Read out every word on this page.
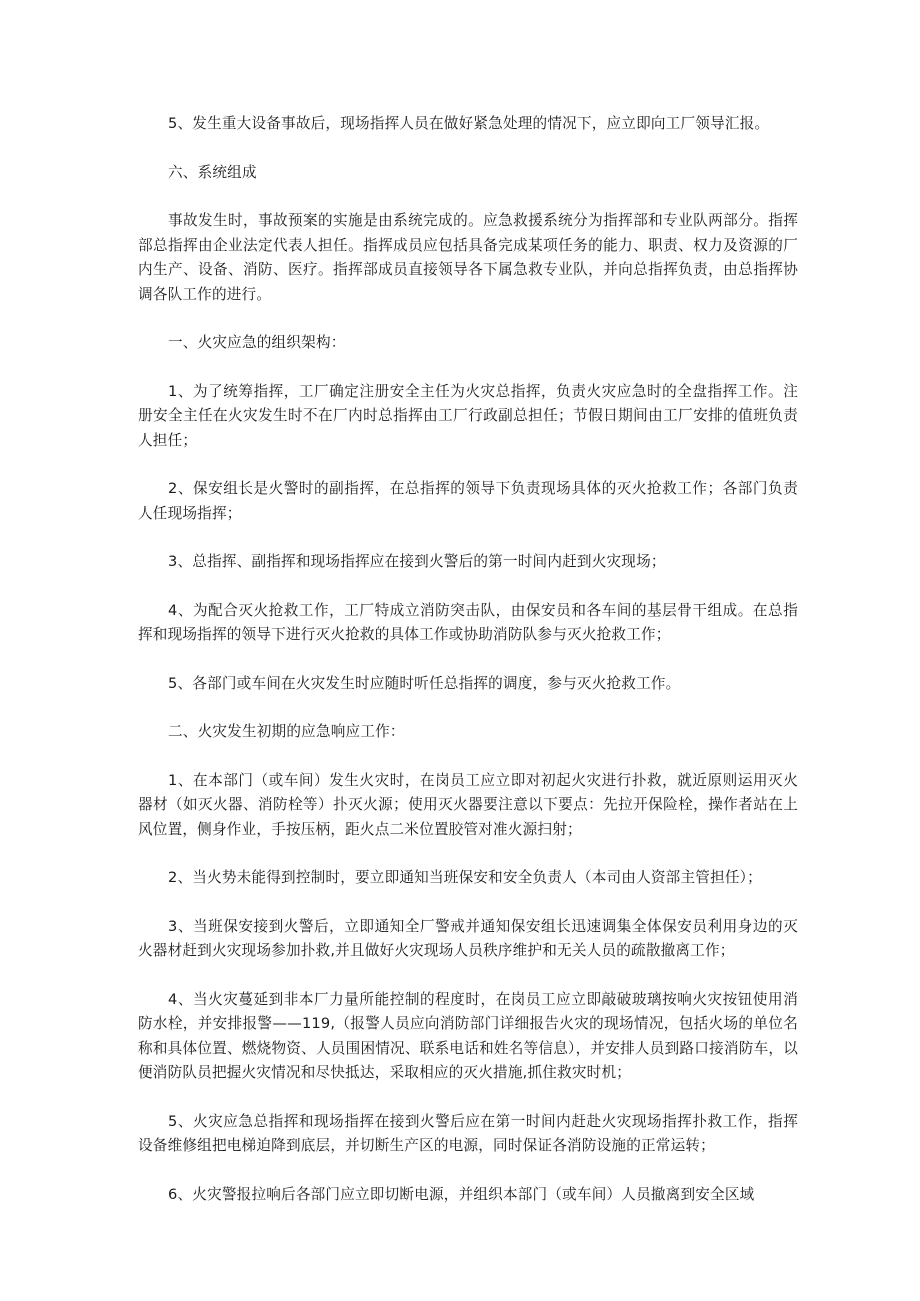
5、发生重大设备事故后，现场指挥人员在做好紧急处理的情况下，应立即向工厂领导汇报。

六、系统组成

事故发生时，事故预案的实施是由系统完成的。应急救援系统分为指挥部和专业队两部分。指挥部总指挥由企业法定代表人担任。指挥成员应包括具备完成某项任务的能力、职责、权力及资源的厂内生产、设备、消防、医疗。指挥部成员直接领导各下属急救专业队，并向总指挥负责，由总指挥协调各队工作的进行。

一、火灾应急的组织架构：

1、为了统筹指挥，工厂确定注册安全主任为火灾总指挥，负责火灾应急时的全盘指挥工作。注册安全主任在火灾发生时不在厂内时总指挥由工厂行政副总担任；节假日期间由工厂安排的值班负责人担任；

2、保安组长是火警时的副指挥，在总指挥的领导下负责现场具体的灭火抢救工作；各部门负责人任现场指挥；

3、总指挥、副指挥和现场指挥应在接到火警后的第一时间内赶到火灾现场；

4、为配合灭火抢救工作，工厂特成立消防突击队，由保安员和各车间的基层骨干组成。在总指挥和现场指挥的领导下进行灭火抢救的具体工作或协助消防队参与灭火抢救工作；

5、各部门或车间在火灾发生时应随时听任总指挥的调度，参与灭火抢救工作。

二、火灾发生初期的应急响应工作：

1、在本部门（或车间）发生火灾时，在岗员工应立即对初起火灾进行扑救，就近原则运用灭火器材（如灭火器、消防栓等）扑灭火源；使用灭火器要注意以下要点：先拉开保险栓，操作者站在上风位置，侧身作业，手按压柄，距火点二米位置胶管对准火源扫射；

2、当火势未能得到控制时，要立即通知当班保安和安全负责人（本司由人资部主管担任）；

3、当班保安接到火警后，立即通知全厂警戒并通知保安组长迅速调集全体保安员利用身边的灭火器材赶到火灾现场参加扑救,并且做好火灾现场人员秩序维护和无关人员的疏散撤离工作；

4、当火灾蔓延到非本厂力量所能控制的程度时，在岗员工应立即敲破玻璃按响火灾按钮使用消防水栓，并安排报警——119,（报警人员应向消防部门详细报告火灾的现场情况，包括火场的单位名称和具体位置、燃烧物资、人员围困情况、联系电话和姓名等信息），并安排人员到路口接消防车，以便消防队员把握火灾情况和尽快抵达，采取相应的灭火措施,抓住救灾时机；

5、火灾应急总指挥和现场指挥在接到火警后应在第一时间内赶赴火灾现场指挥扑救工作，指挥设备维修组把电梯迫降到底层，并切断生产区的电源，同时保证各消防设施的正常运转；

6、火灾警报拉响后各部门应立即切断电源，并组织本部门（或车间）人员撤离到安全区域
